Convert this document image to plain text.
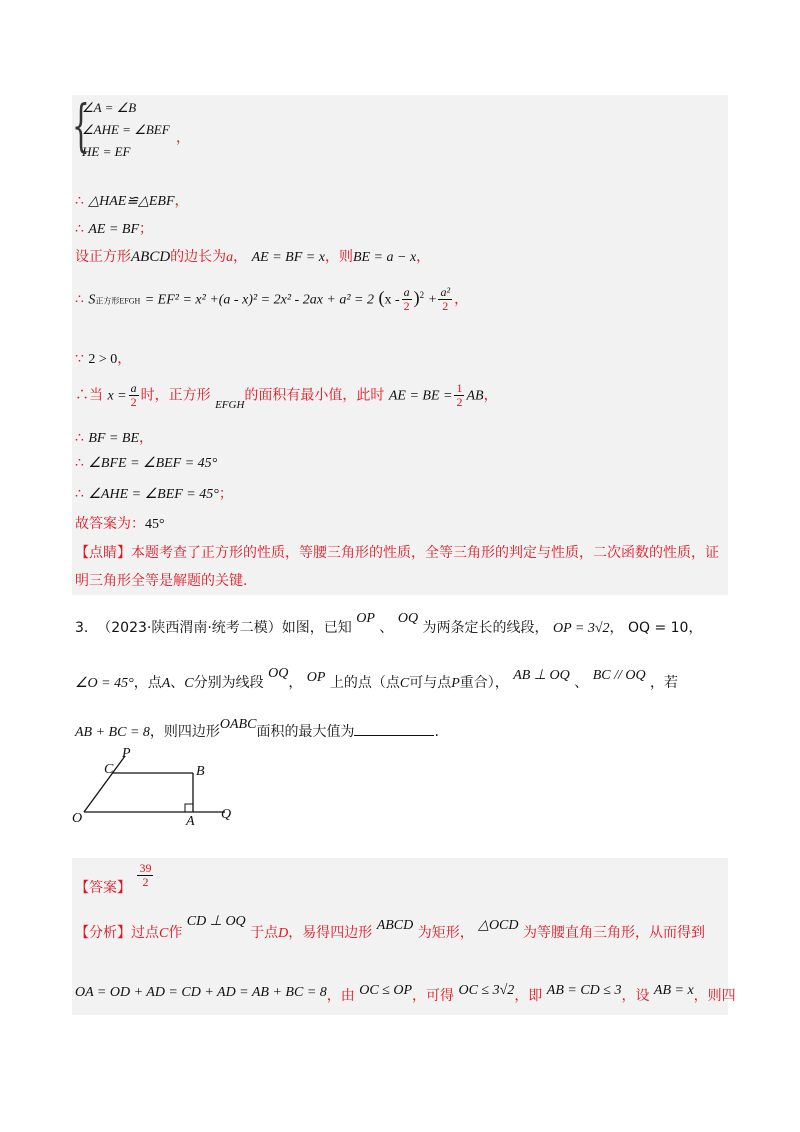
{
∠A = ∠B
∠AHE = ∠BEF
HE = EF
，
∴ △HAE≌△EBF，
∴ AE = BF；
设正方形ABCD的边长为a， AE = BF = x，则BE = a − x，
∴ S正方形EFGH = EF² = x² +(a - x)² = 2x² - 2ax + a² = 2 $(x - \frac{a}{2} )^2 + \frac{\text{a²}}{2}$ ，
∵ 2 > 0，
∴当 $x = \frac{a}{2}$ 时，正方形 $_{EFGH}$的面积有最小值，此时 AE = BE = $\frac{1}{2}$ AB，
∴ BF = BE，
∴ ∠BFE = ∠BEF = 45°
∴ ∠AHE = ∠BEF = 45°；
故答案为：45°
【点睛】本题考查了正方形的性质，等腰三角形的性质，全等三角形的判定与性质，二次函数的性质，证
明三角形全等是解题的关键.
3. （2023·陕西渭南·统考二模）如图，已知 OP 、 OQ 为两条定长的线段， OP = 3√2， OQ = 10，
∠O = 45°，点A、C分别为线段 OQ， OP 上的点（点C可与点P重合）， AB ⊥ OQ 、 BC // OQ ，若
AB + BC = 8，则四边形OABC面积的最大值为	.
P
C	B
O	A Q
【答案】 $\frac{39}{2}$
【分析】过点C作 CD ⊥ OQ 于点D，易得四边形 ABCD 为矩形， △OCD 为等腰直角三角形，从而得到
OA = OD + AD = CD + AD = AB + BC = 8，由 OC ≤ OP，可得 OC ≤ 3√2，即 AB = CD ≤ 3，设 AB = x，则四
